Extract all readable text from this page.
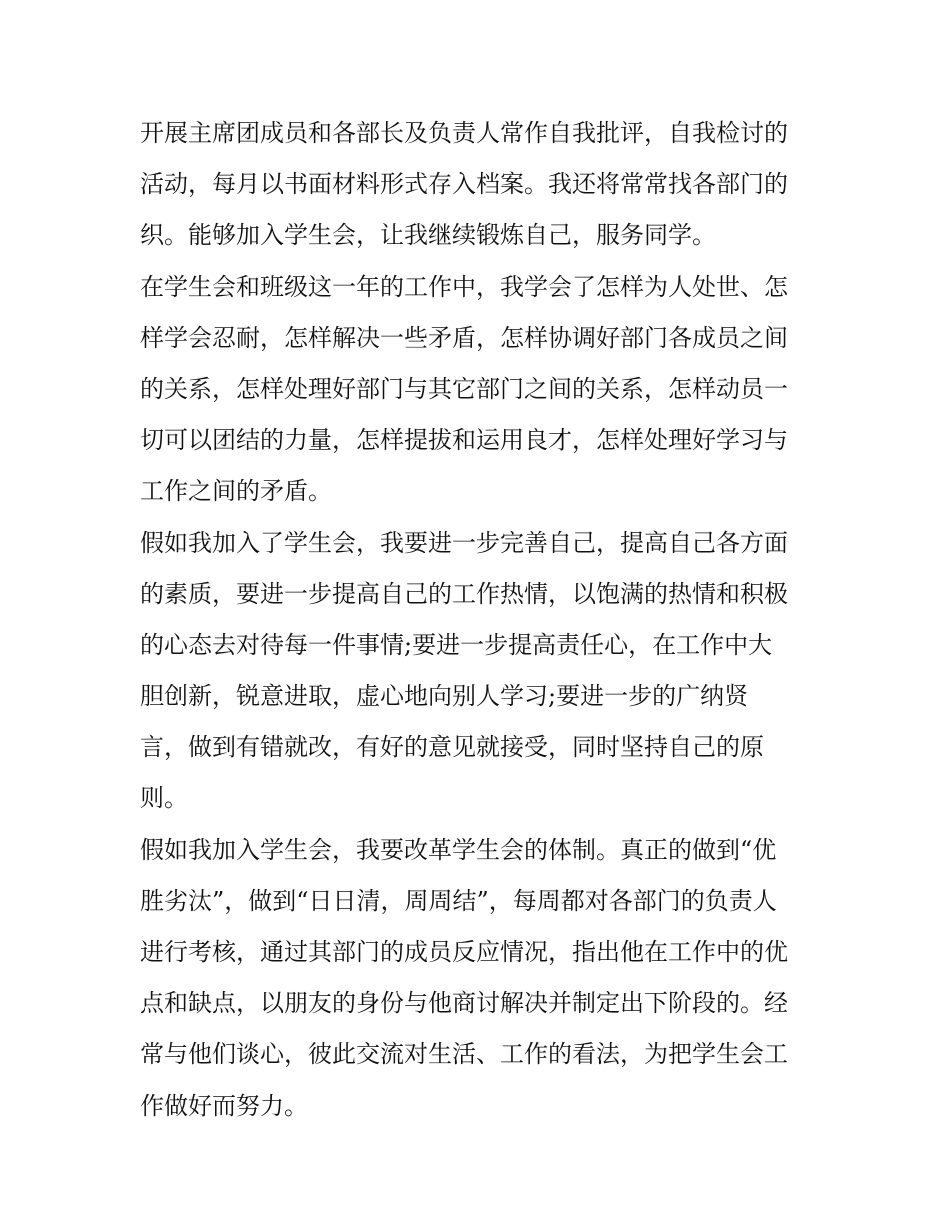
开展主席团成员和各部长及负责人常作自我批评，自我检讨的
活动，每月以书面材料形式存入档案。我还将常常找各部门的
织。能够加入学生会，让我继续锻炼自己，服务同学。
在学生会和班级这一年的工作中，我学会了怎样为人处世、怎
样学会忍耐，怎样解决一些矛盾，怎样协调好部门各成员之间
的关系，怎样处理好部门与其它部门之间的关系，怎样动员一
切可以团结的力量，怎样提拔和运用良才，怎样处理好学习与
工作之间的矛盾。
假如我加入了学生会，我要进一步完善自己，提高自己各方面
的素质，要进一步提高自己的工作热情，以饱满的热情和积极
的心态去对待每一件事情;要进一步提高责任心，在工作中大
胆创新，锐意进取，虚心地向别人学习;要进一步的广纳贤
言，做到有错就改，有好的意见就接受，同时坚持自己的原
则。
假如我加入学生会，我要改革学生会的体制。真正的做到“优
胜劣汰”，做到“日日清，周周结”，每周都对各部门的负责人
进行考核，通过其部门的成员反应情况，指出他在工作中的优
点和缺点，以朋友的身份与他商讨解决并制定出下阶段的。经
常与他们谈心，彼此交流对生活、工作的看法，为把学生会工
作做好而努力。
